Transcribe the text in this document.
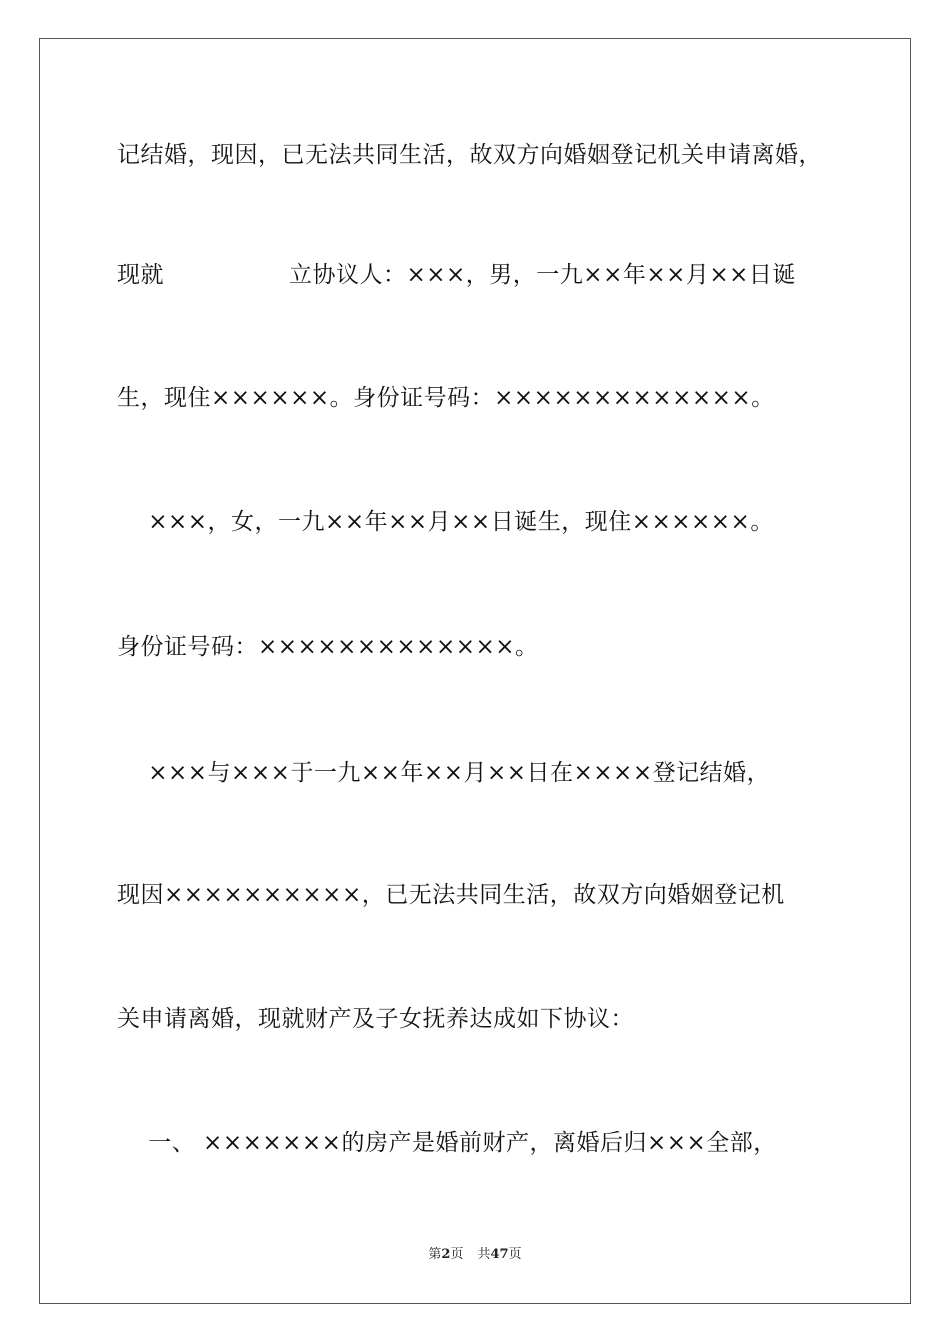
记结婚，现因，已无法共同生活，故双方向婚姻登记机关申请离婚，
现就                立协议人：×××，男，一九××年××月××日诞
生，现住××××××。身份证号码：×××××××××××××。
×××，女，一九××年××月××日诞生，现住××××××。
身份证号码：×××××××××××××。
×××与×××于一九××年××月××日在××××登记结婚，
现因××××××××××，已无法共同生活，故双方向婚姻登记机
关申请离婚，现就财产及子女抚养达成如下协议：
一、 ×××××××的房产是婚前财产，离婚后归×××全部，
第2页 共47页
